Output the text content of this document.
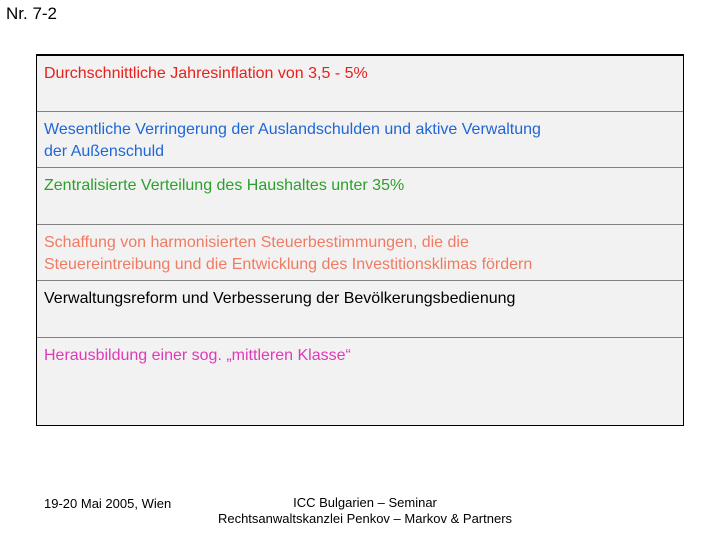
Nr. 7-2
Durchschnittliche Jahresinflation von 3,5 - 5%
Wesentliche Verringerung der Auslandschulden und aktive Verwaltung
der Außenschuld
Zentralisierte Verteilung des Haushaltes unter 35%
Schaffung von harmonisierten Steuerbestimmungen, die die
Steuereintreibung und die Entwicklung des Investitionsklimas fördern
Verwaltungsreform und Verbesserung der Bevölkerungsbedienung
Herausbildung einer sog. „mittleren Klasse“
19-20 Mai 2005, Wien	ICC Bulgarien – Seminar
Rechtsanwaltskanzlei Penkov – Markov & Partners
